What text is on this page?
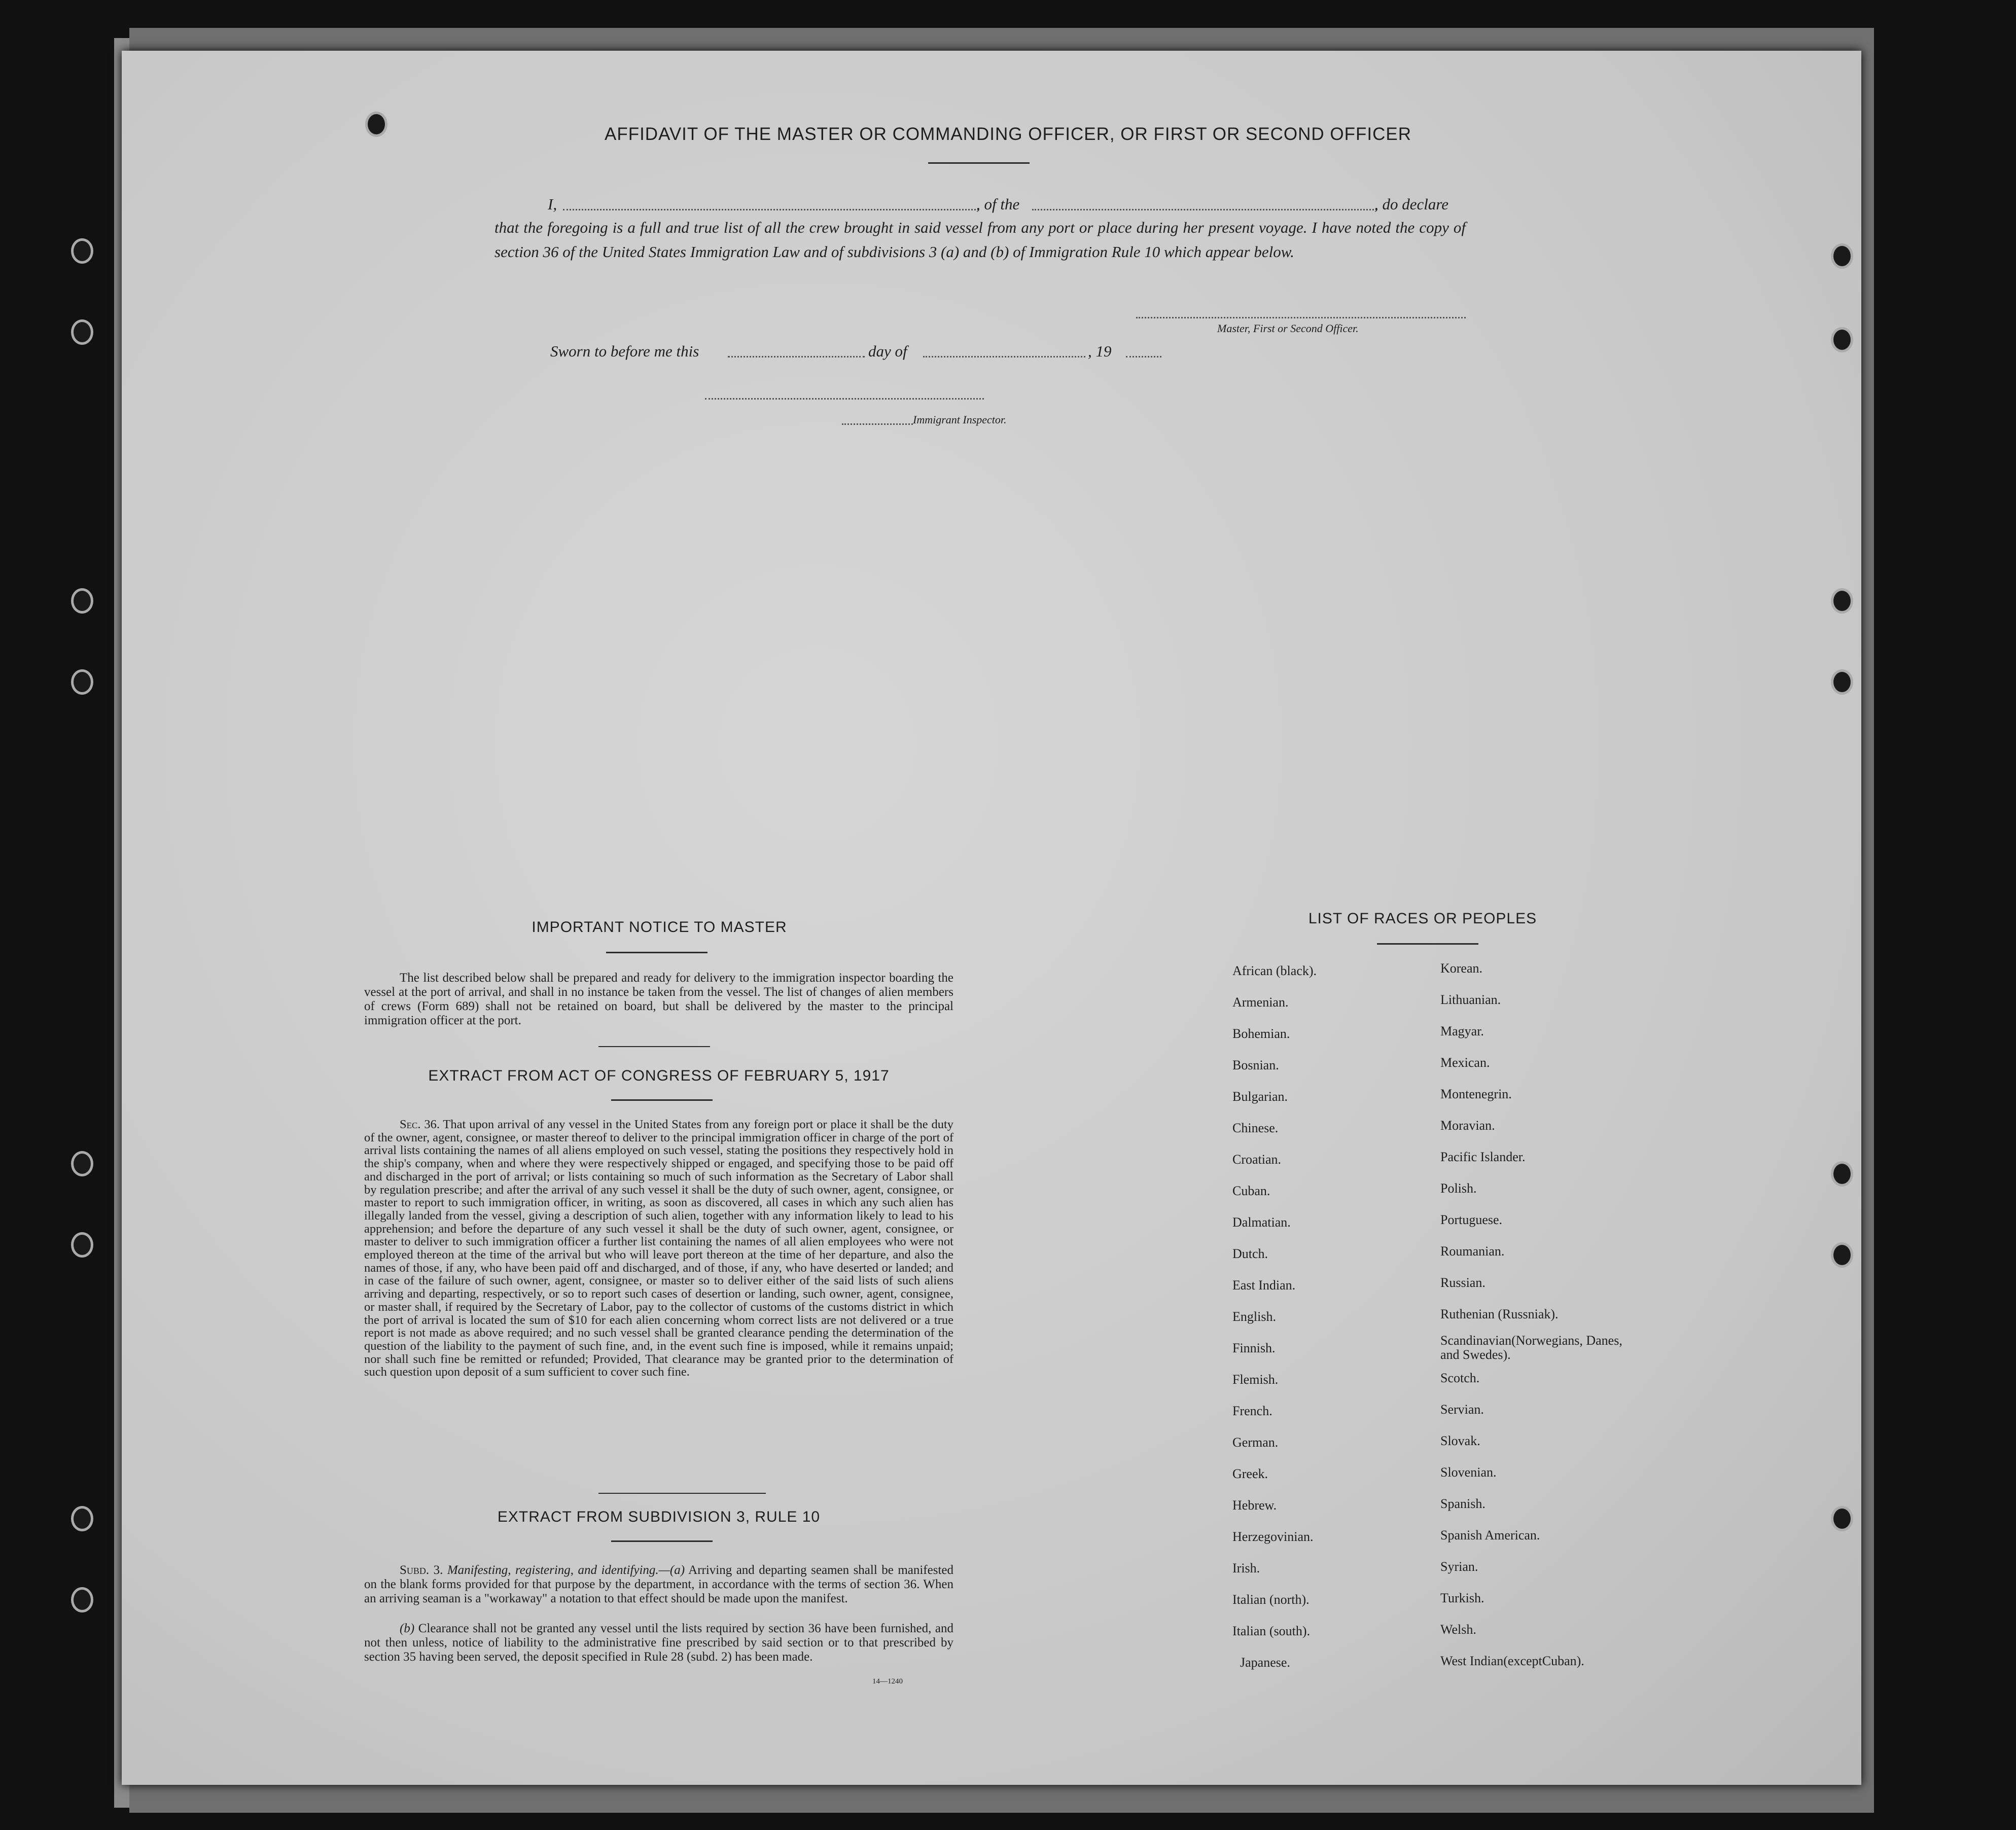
AFFIDAVIT OF THE MASTER OR COMMANDING OFFICER, OR FIRST OR SECOND OFFICER
I,	, of the	, do declare
that the foregoing is a full and true list of all the crew brought in said vessel from any port or place during her present voyage. I have noted the copy of section 36 of the United States Immigration Law and of subdivisions 3 (a) and (b) of Immigration Rule 10 which appear below.
Master, First or Second Officer.
Sworn to before me this	day of	, 19
Immigrant Inspector.
IMPORTANT NOTICE TO MASTER
The list described below shall be prepared and ready for delivery to the immigration inspector boarding the vessel at the port of arrival, and shall in no instance be taken from the vessel. The list of changes of alien members of crews (Form 689) shall not be retained on board, but shall be delivered by the master to the principal immigration officer at the port.
EXTRACT FROM ACT OF CONGRESS OF FEBRUARY 5, 1917
Sec. 36. That upon arrival of any vessel in the United States from any foreign port or place it shall be the duty of the owner, agent, consignee, or master thereof to deliver to the principal immigration officer in charge of the port of arrival lists containing the names of all aliens employed on such vessel, stating the positions they respectively hold in the ship's company, when and where they were respectively shipped or engaged, and specifying those to be paid off and discharged in the port of arrival; or lists containing so much of such information as the Secretary of Labor shall by regulation prescribe; and after the arrival of any such vessel it shall be the duty of such owner, agent, consignee, or master to report to such immigration officer, in writing, as soon as discovered, all cases in which any such alien has illegally landed from the vessel, giving a description of such alien, together with any information likely to lead to his apprehension; and before the departure of any such vessel it shall be the duty of such owner, agent, consignee, or master to deliver to such immigration officer a further list containing the names of all alien employees who were not employed thereon at the time of the arrival but who will leave port thereon at the time of her departure, and also the names of those, if any, who have been paid off and discharged, and of those, if any, who have deserted or landed; and in case of the failure of such owner, agent, consignee, or master so to deliver either of the said lists of such aliens arriving and departing, respectively, or so to report such cases of desertion or landing, such owner, agent, consignee, or master shall, if required by the Secretary of Labor, pay to the collector of customs of the customs district in which the port of arrival is located the sum of $10 for each alien concerning whom correct lists are not delivered or a true report is not made as above required; and no such vessel shall be granted clearance pending the determination of the question of the liability to the payment of such fine, and, in the event such fine is imposed, while it remains unpaid; nor shall such fine be remitted or refunded; Provided, That clearance may be granted prior to the determination of such question upon deposit of a sum sufficient to cover such fine.
EXTRACT FROM SUBDIVISION 3, RULE 10
Subd. 3. Manifesting, registering, and identifying.—(a) Arriving and departing seamen shall be manifested on the blank forms provided for that purpose by the department, in accordance with the terms of section 36. When an arriving seaman is a "workaway" a notation to that effect should be made upon the manifest.
(b) Clearance shall not be granted any vessel until the lists required by section 36 have been furnished, and not then unless, notice of liability to the administrative fine prescribed by said section or to that prescribed by section 35 having been served, the deposit specified in Rule 28 (subd. 2) has been made.
14—1240
LIST OF RACES OR PEOPLES
African (black).
Armenian.
Bohemian.
Bosnian.
Bulgarian.
Chinese.
Croatian.
Cuban.
Dalmatian.
Dutch.
East Indian.
English.
Finnish.
Flemish.
French.
German.
Greek.
Hebrew.
Herzegovinian.
Irish.
Italian (north).
Italian (south).
Japanese.
Korean.
Lithuanian.
Magyar.
Mexican.
Montenegrin.
Moravian.
Pacific Islander.
Polish.
Portuguese.
Roumanian.
Russian.
Ruthenian (Russniak).
Scandinavian(Norwegians, Danes, and Swedes).
Scotch.
Servian.
Slovak.
Slovenian.
Spanish.
Spanish American.
Syrian.
Turkish.
Welsh.
West Indian(exceptCuban).
